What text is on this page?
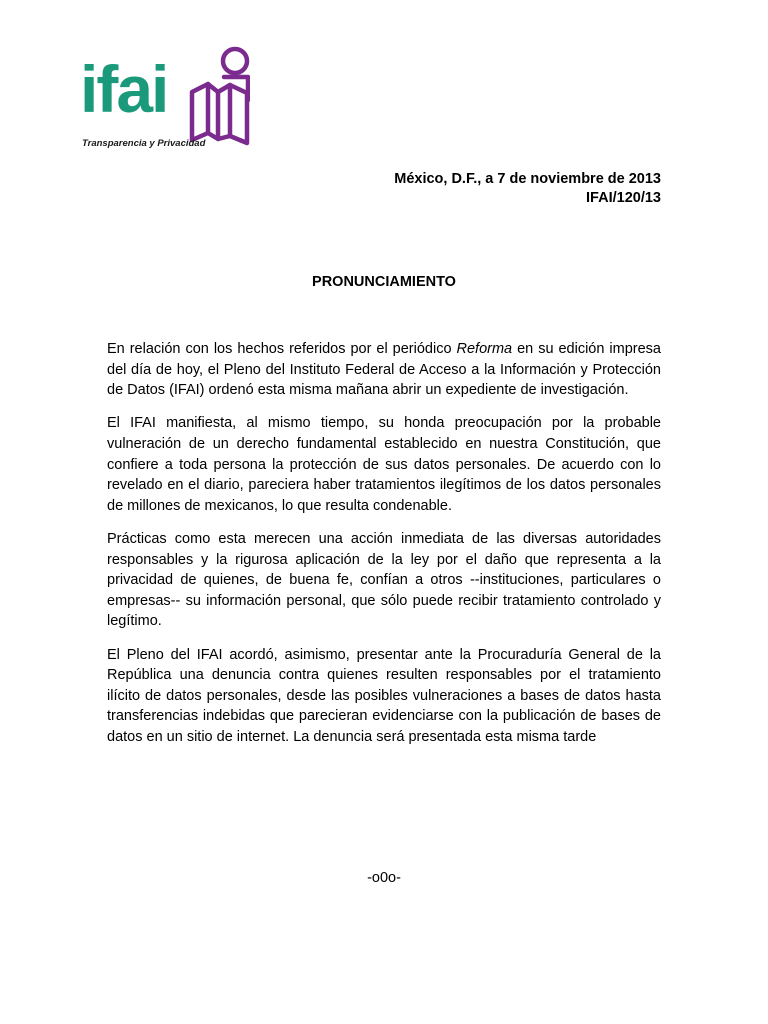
ifai
Transparencia y Privacidad
México, D.F., a 7 de noviembre de 2013
IFAI/120/13
PRONUNCIAMIENTO

En relación con los hechos referidos por el periódico Reforma en su edición impresa del día de hoy, el Pleno del Instituto Federal de Acceso a la Información y Protección de Datos (IFAI) ordenó esta misma mañana abrir un expediente de investigación.

El IFAI manifiesta, al mismo tiempo, su honda preocupación por la probable vulneración de un derecho fundamental establecido en nuestra Constitución, que confiere a toda persona la protección de sus datos personales. De acuerdo con lo revelado en el diario, pareciera haber tratamientos ilegítimos de los datos personales de millones de mexicanos, lo que resulta condenable.

Prácticas como esta merecen una acción inmediata de las diversas autoridades responsables y la rigurosa aplicación de la ley por el daño que representa a la privacidad de quienes, de buena fe, confían a otros --instituciones, particulares o empresas-- su información personal, que sólo puede recibir tratamiento controlado y legítimo.

El Pleno del IFAI acordó, asimismo, presentar ante la Procuraduría General de la República una denuncia contra quienes resulten responsables por el tratamiento ilícito de datos personales, desde las posibles vulneraciones a bases de datos hasta transferencias indebidas que parecieran evidenciarse con la publicación de bases de datos en un sitio de internet. La denuncia será presentada esta misma tarde

-o0o-
